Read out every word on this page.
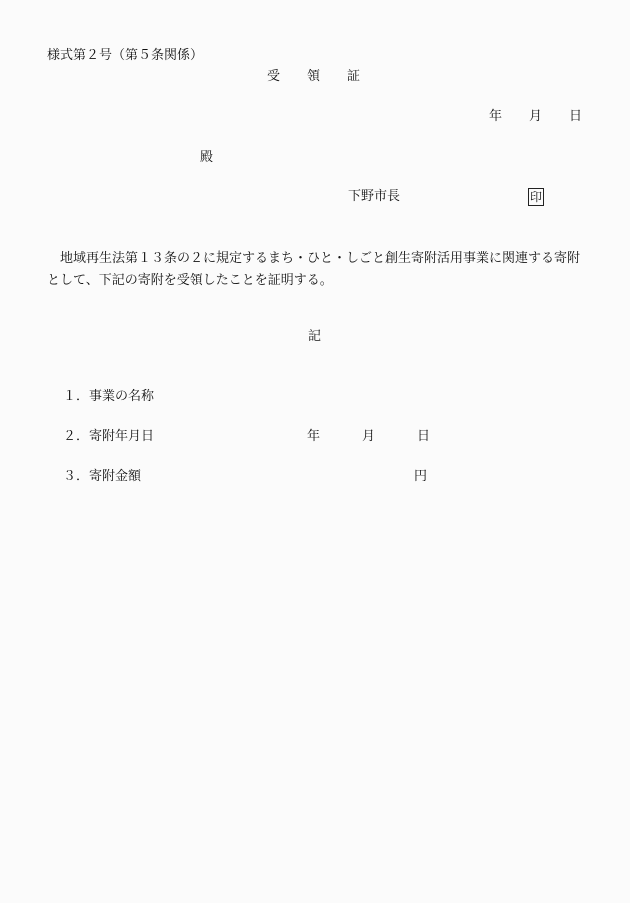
様式第２号（第５条関係）
受 領 証
年 月 日
殿
下野市長	印
地域再生法第１３条の２に規定するまち・ひと・しごと創生寄附活用事業に関連する寄附として、下記の寄附を受領したことを証明する。
記
１．事業の名称
２．寄附年月日	年	月	日
３．寄附金額	円
